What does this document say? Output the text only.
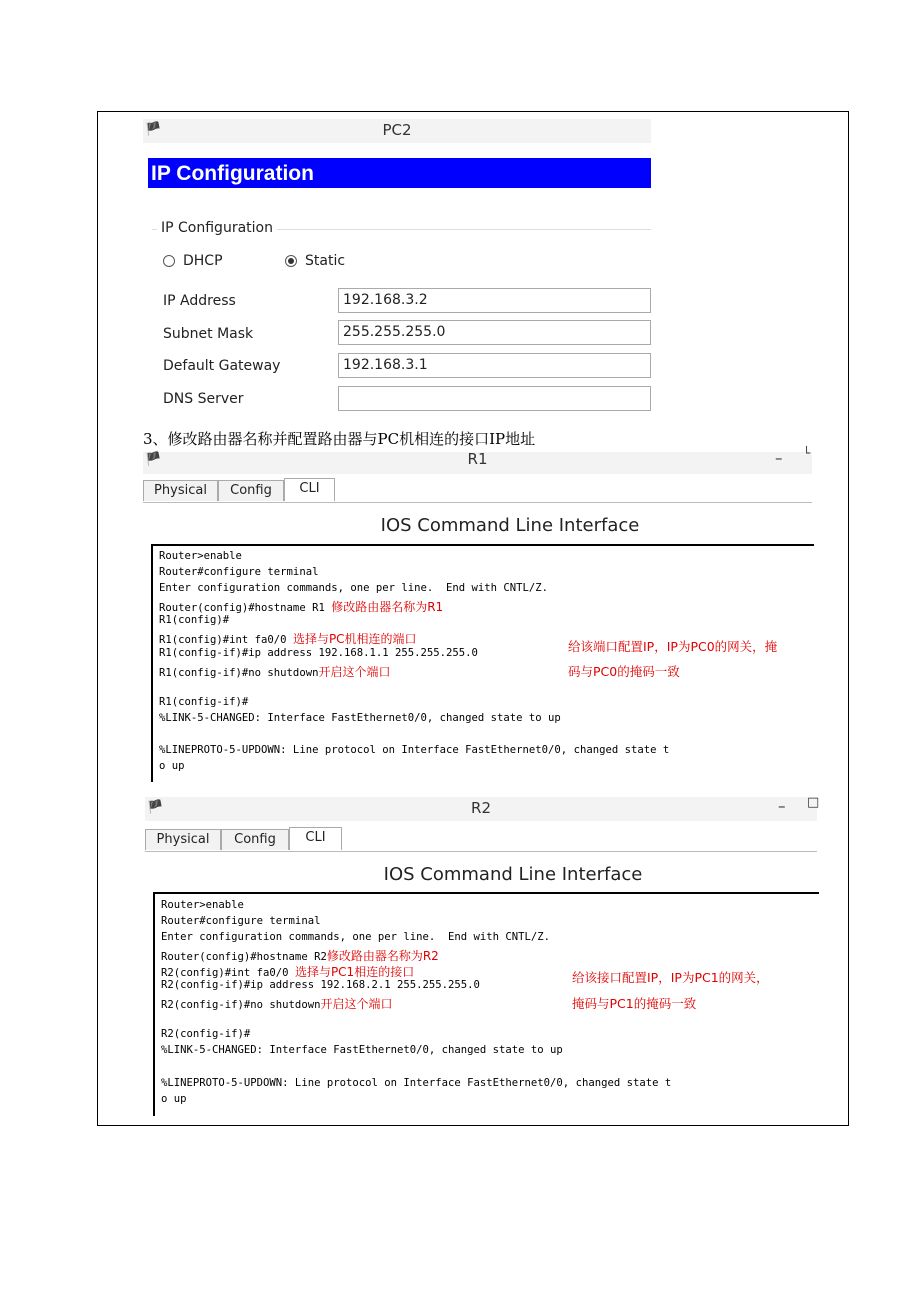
🏴	PC2
IP Configuration
IP Configuration
DHCP	Static
IP Address	192.168.3.2
Subnet Mask	255.255.255.0
Default Gateway	192.168.3.1
DNS Server
3、修改路由器名称并配置路由器与PC机相连的接口IP地址
🏴	R1	– └
Physical	Config	CLI
IOS Command Line Interface
Router>enable
Router#configure terminal
Enter configuration commands, one per line.  End with CNTL/Z.
Router(config)#hostname R1 修改路由器名称为R1
R1(config)#
R1(config)#int fa0/0 选择与PC机相连的端口
R1(config-if)#ip address 192.168.1.1 255.255.255.0
R1(config-if)#no shutdown开启这个端口
R1(config-if)#
%LINK-5-CHANGED: Interface FastEthernet0/0, changed state to up
%LINEPROTO-5-UPDOWN: Line protocol on Interface FastEthernet0/0, changed state t
o up
给该端口配置IP，IP为PC0的网关，掩
码与PC0的掩码一致
🏴	R2	– □
Physical	Config	CLI
IOS Command Line Interface
Router>enable
Router#configure terminal
Enter configuration commands, one per line.  End with CNTL/Z.
Router(config)#hostname R2修改路由器名称为R2
R2(config)#int fa0/0 选择与PC1相连的接口
R2(config-if)#ip address 192.168.2.1 255.255.255.0
R2(config-if)#no shutdown开启这个端口
R2(config-if)#
%LINK-5-CHANGED: Interface FastEthernet0/0, changed state to up
%LINEPROTO-5-UPDOWN: Line protocol on Interface FastEthernet0/0, changed state t
o up
给该接口配置IP，IP为PC1的网关，
掩码与PC1的掩码一致
